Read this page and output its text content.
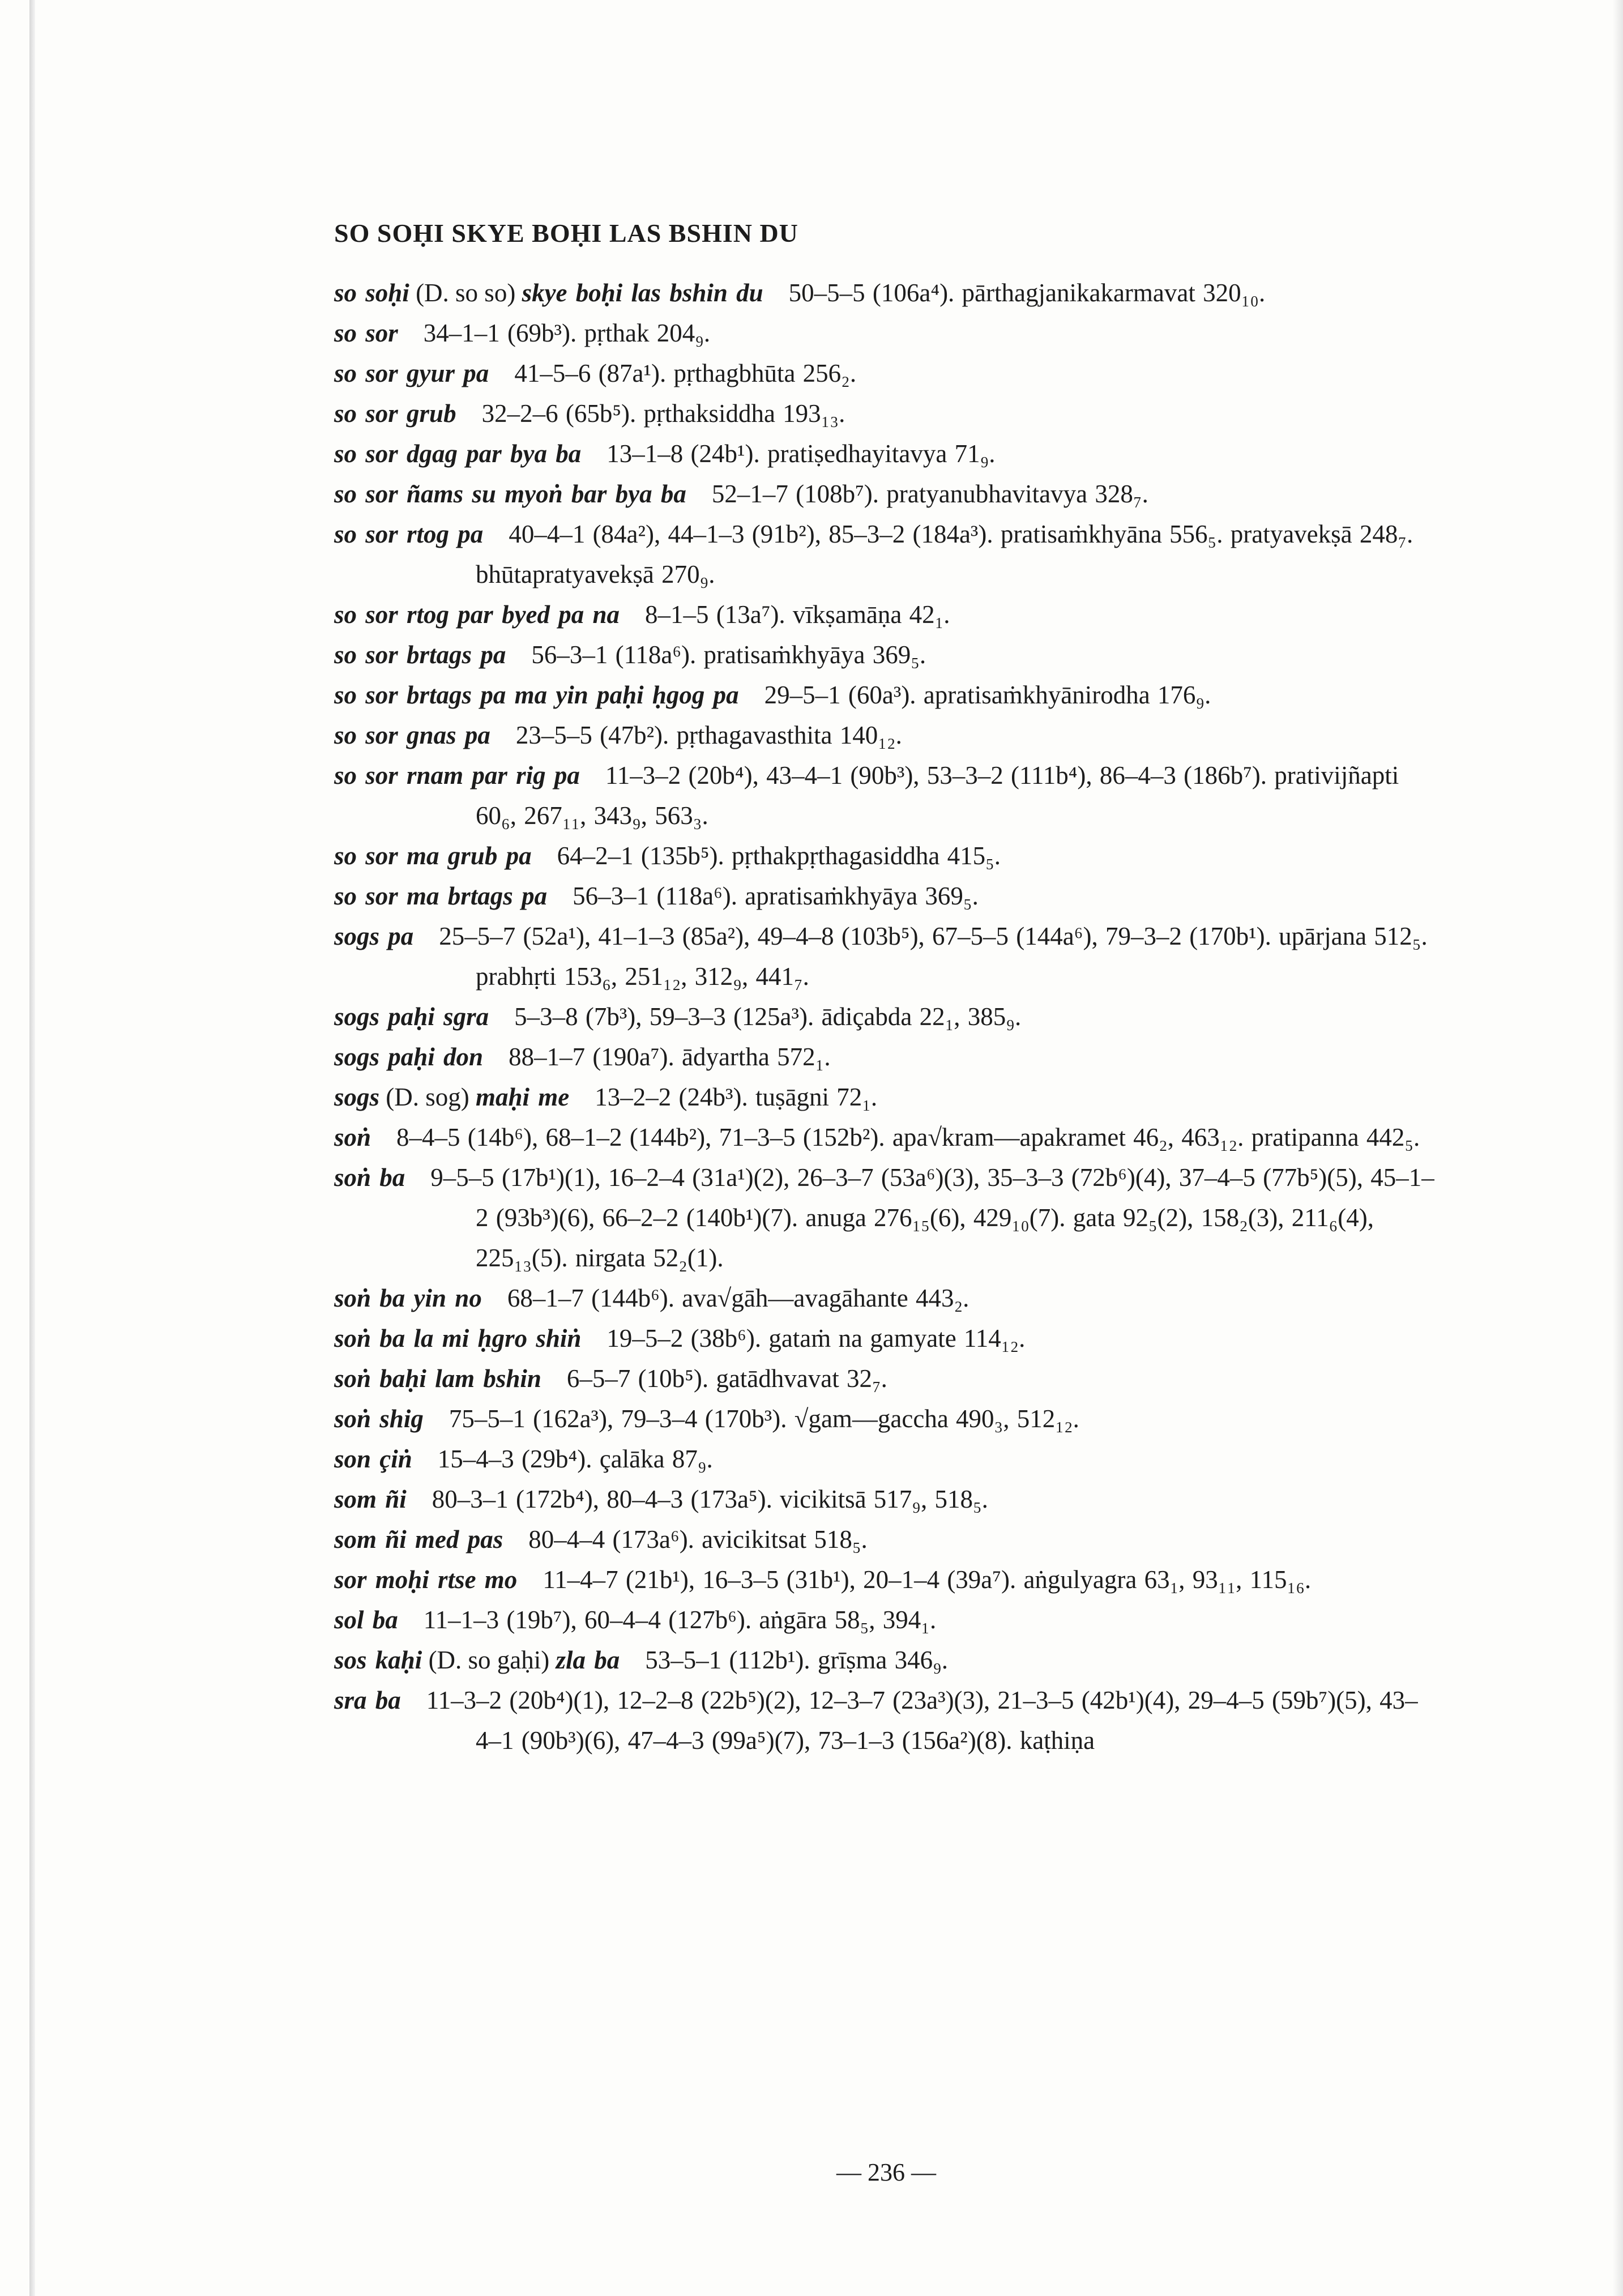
SO SOḤI SKYE BOḤI LAS BSHIN DU
so soḥi (D. so so) skye boḥi las bshin du  50–5–5 (106a⁴). pārthagjanikakarmavat 320₁₀.
so sor  34–1–1 (69b³). pṛthak 204₉.
so sor gyur pa  41–5–6 (87a¹). pṛthagbhūta 256₂.
so sor grub  32–2–6 (65b⁵). pṛthaksiddha 193₁₃.
so sor dgag par bya ba  13–1–8 (24b¹). pratiṣedhayitavya 71₉.
so sor ñams su myoṅ bar bya ba  52–1–7 (108b⁷). pratyanubhavitavya 328₇.
so sor rtog pa  40–4–1 (84a²), 44–1–3 (91b²), 85–3–2 (184a³). pratisaṁkhyāna 556₅. pratyavekṣā 248₇. bhūtapratyavekṣā 270₉.
so sor rtog par byed pa na  8–1–5 (13a⁷). vīkṣamāṇa 42₁.
so sor brtags pa  56–3–1 (118a⁶). pratisaṁkhyāya 369₅.
so sor brtags pa ma yin paḥi ḥgog pa  29–5–1 (60a³). apratisaṁkhyānirodha 176₉.
so sor gnas pa  23–5–5 (47b²). pṛthagavasthita 140₁₂.
so sor rnam par rig pa  11–3–2 (20b⁴), 43–4–1 (90b³), 53–3–2 (111b⁴), 86–4–3 (186b⁷). prativijñapti 60₆, 267₁₁, 343₉, 563₃.
so sor ma grub pa  64–2–1 (135b⁵). pṛthakpṛthagasiddha 415₅.
so sor ma brtags pa  56–3–1 (118a⁶). apratisaṁkhyāya 369₅.
sogs pa  25–5–7 (52a¹), 41–1–3 (85a²), 49–4–8 (103b⁵), 67–5–5 (144a⁶), 79–3–2 (170b¹). upārjana 512₅. prabhṛti 153₆, 251₁₂, 312₉, 441₇.
sogs paḥi sgra  5–3–8 (7b³), 59–3–3 (125a³). ādiçabda 22₁, 385₉.
sogs paḥi don  88–1–7 (190a⁷). ādyartha 572₁.
sogs (D. sog) maḥi me  13–2–2 (24b³). tuṣāgni 72₁.
soṅ  8–4–5 (14b⁶), 68–1–2 (144b²), 71–3–5 (152b²). apa√kram—apakramet 46₂, 463₁₂. pratipanna 442₅.
soṅ ba  9–5–5 (17b¹)(1), 16–2–4 (31a¹)(2), 26–3–7 (53a⁶)(3), 35–3–3 (72b⁶)(4), 37–4–5 (77b⁵)(5), 45–1–2 (93b³)(6), 66–2–2 (140b¹)(7). anuga 276₁₅(6), 429₁₀(7). gata 92₅(2), 158₂(3), 211₆(4), 225₁₃(5). nirgata 52₂(1).
soṅ ba yin no  68–1–7 (144b⁶). ava√gāh—avagāhante 443₂.
soṅ ba la mi ḥgro shiṅ  19–5–2 (38b⁶). gataṁ na gamyate 114₁₂.
soṅ baḥi lam bshin  6–5–7 (10b⁵). gatādhvavat 32₇.
soṅ shig  75–5–1 (162a³), 79–3–4 (170b³). √gam—gaccha 490₃, 512₁₂.
son çiṅ  15–4–3 (29b⁴). çalāka 87₉.
som ñi  80–3–1 (172b⁴), 80–4–3 (173a⁵). vicikitsā 517₉, 518₅.
som ñi med pas  80–4–4 (173a⁶). avicikitsat 518₅.
sor moḥi rtse mo  11–4–7 (21b¹), 16–3–5 (31b¹), 20–1–4 (39a⁷). aṅgulyagra 63₁, 93₁₁, 115₁₆.
sol ba  11–1–3 (19b⁷), 60–4–4 (127b⁶). aṅgāra 58₅, 394₁.
sos kaḥi (D. so gaḥi) zla ba  53–5–1 (112b¹). grīṣma 346₉.
sra ba  11–3–2 (20b⁴)(1), 12–2–8 (22b⁵)(2), 12–3–7 (23a³)(3), 21–3–5 (42b¹)(4), 29–4–5 (59b⁷)(5), 43–4–1 (90b³)(6), 47–4–3 (99a⁵)(7), 73–1–3 (156a²)(8). kaṭhiṇa
— 236 —
